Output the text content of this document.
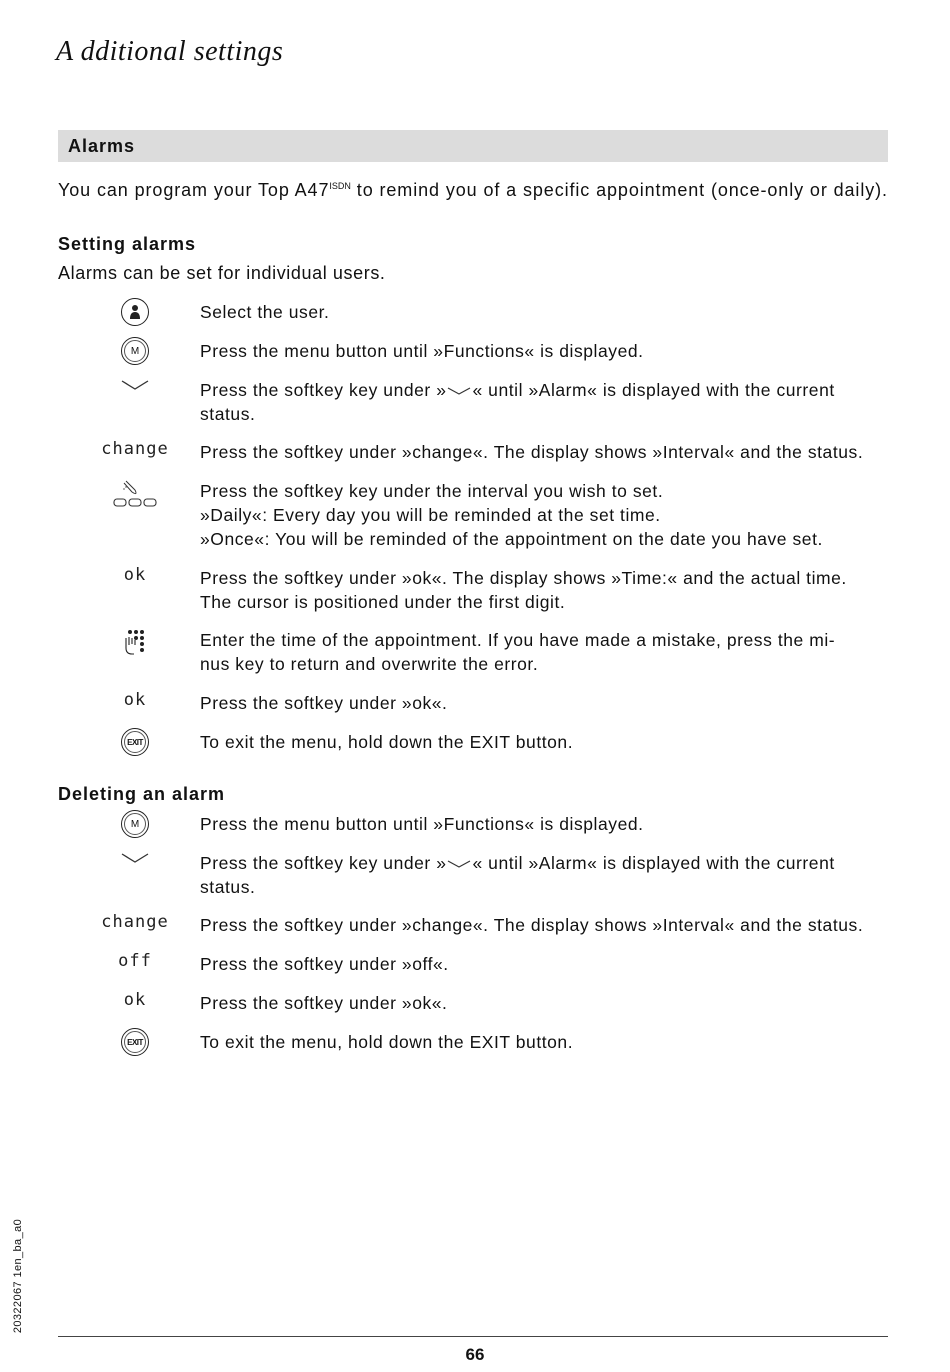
A dditional settings
Alarms
You can program your Top $A47^{ISDN}$ to remind you of a specific appointment (once-only or daily).
Setting alarms
Alarms can be set for individual users.
Select the user.
M	Press the menu button until »Functions« is displayed.
Press the softkey key under » « until »Alarm« is displayed with the current
status.
change Press the softkey under »change«. The display shows »Interval« and the status.
Press the softkey key under the interval you wish to set.
»Daily«: Every day you will be reminded at the set time.
»Once«: You will be reminded of the appointment on the date you have set.
ok	Press the softkey under »ok«. The display shows »Time:« and the actual time.
The cursor is positioned under the first digit.
Enter the time of the appointment. If you have made a mistake, press the mi-
nus key to return and overwrite the error.
ok	Press the softkey under »ok«.
EXIT	To exit the menu, hold down the EXIT button.
Deleting an alarm
M	Press the menu button until »Functions« is displayed.
Press the softkey key under » « until »Alarm« is displayed with the current
status.
change Press the softkey under »change«. The display shows »Interval« and the status.
off	Press the softkey under »off«.
ok	Press the softkey under »ok«.
EXIT	To exit the menu, hold down the EXIT button.
20322067 1en_ba_a0
66
